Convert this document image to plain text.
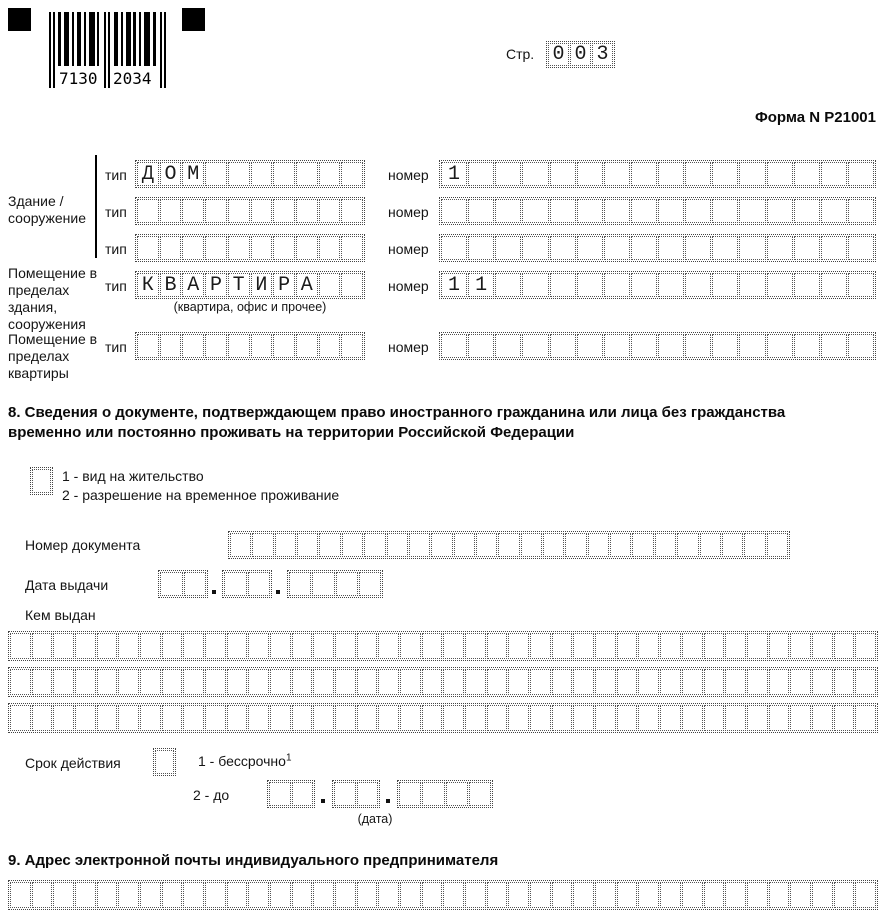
7130 2034
Стр. 0 0 3
Форма N Р21001
Здание /
сооружение
Помещение в
пределах
здания,
сооружения
Помещение в
пределах
квартиры
тип Д О М	номер 1
тип	номер
тип	номер
тип К В А Р Т И Р А	номер 1 1
(квартира, офис и прочее)
тип	номер
8. Сведения о документе, подтверждающем право иностранного гражданина или лица без гражданства
временно или постоянно проживать на территории Российской Федерации
1 - вид на жительство
2 - разрешение на временное проживание
Номер документа
Дата выдачи
Кем выдан
Срок действия	1 - бессрочно$^1$
2 - до
(дата)
9. Адрес электронной почты индивидуального предпринимателя
